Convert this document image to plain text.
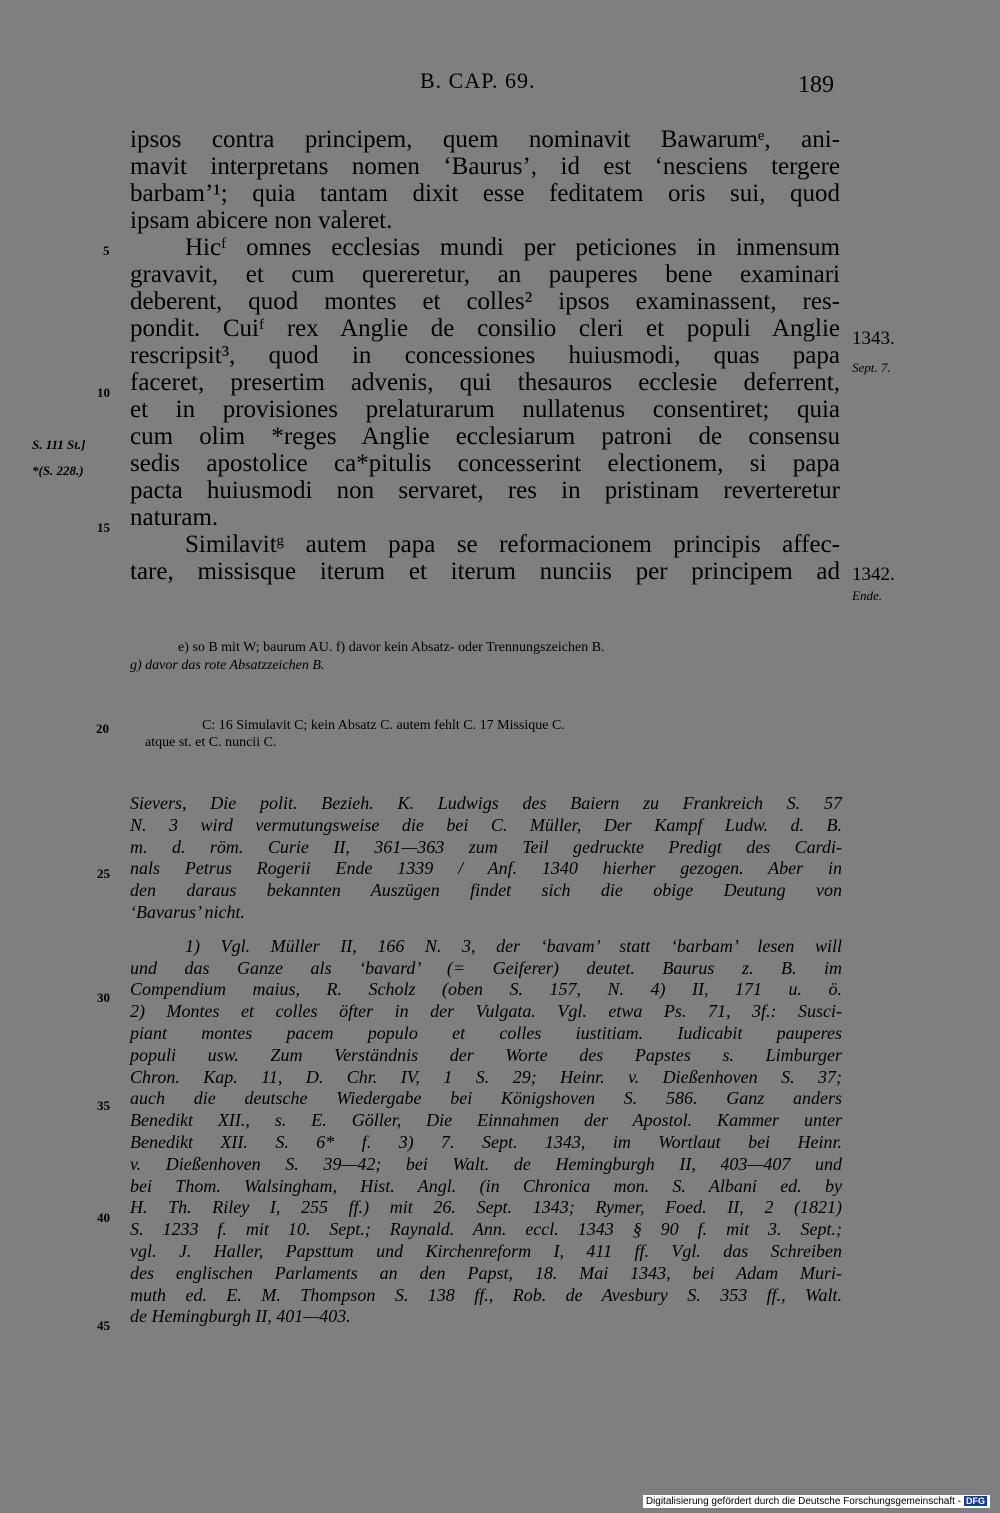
B. CAP. 69.	189
ipsos contra principem, quem nominavit Bawarumᵉ, ani-
mavit interpretans nomen ‘Baurus’, id est ‘nesciens tergere
barbam’¹; quia tantam dixit esse feditatem oris sui, quod
ipsam abicere non valeret.
Hicᶠ omnes ecclesias mundi per peticiones in inmensum
gravavit, et cum quereretur, an pauperes bene examinari
deberent, quod montes et colles² ipsos examinassent, res-
pondit. Cuiᶠ rex Anglie de consilio cleri et populi Anglie
rescripsit³, quod in concessiones huiusmodi, quas papa
faceret, presertim advenis, qui thesauros ecclesie deferrent,
et in provisiones prelaturarum nullatenus consentiret; quia
cum olim *reges Anglie ecclesiarum patroni de consensu
sedis apostolice ca*pitulis concesserint electionem, si papa
pacta huiusmodi non servaret, res in pristinam reverteretur
naturam.
Similavitᵍ autem papa se reformacionem principis affec-
tare, missisque iterum et iterum nunciis per principem ad
5
10
15
S. 111 St.]
*(S. 228.)
1343.
Sept. 7.
1342.
Ende.
e) so B mit W; baurum AU. f) davor kein Absatz- oder Trennungszeichen B.
g) davor das rote Absatzzeichen B.
20	C: 16 Simulavit C; kein Absatz C. autem fehlt C. 17 Missique C.
atque st. et C. nuncii C.
Sievers, Die polit. Bezieh. K. Ludwigs des Baiern zu Frankreich S. 57
N. 3 wird vermutungsweise die bei C. Müller, Der Kampf Ludw. d. B.
m. d. röm. Curie II, 361—363 zum Teil gedruckte Predigt des Cardi-
nals Petrus Rogerii Ende 1339 / Anf. 1340 hierher gezogen. Aber in
den daraus bekannten Auszügen findet sich die obige Deutung von
‘Bavarus’ nicht.
1) Vgl. Müller II, 166 N. 3, der ‘bavam’ statt ‘barbam’ lesen will
und das Ganze als ‘bavard’ (= Geiferer) deutet. Baurus z. B. im
Compendium maius, R. Scholz (oben S. 157, N. 4) II, 171 u. ö.
2) Montes et colles öfter in der Vulgata. Vgl. etwa Ps. 71, 3f.: Susci-
piant montes pacem populo et colles iustitiam. Iudicabit pauperes
populi usw. Zum Verständnis der Worte des Papstes s. Limburger
Chron. Kap. 11, D. Chr. IV, 1 S. 29; Heinr. v. Dießenhoven S. 37;
auch die deutsche Wiedergabe bei Königshoven S. 586. Ganz anders
Benedikt XII., s. E. Göller, Die Einnahmen der Apostol. Kammer unter
Benedikt XII. S. 6* f. 3) 7. Sept. 1343, im Wortlaut bei Heinr.
v. Dießenhoven S. 39—42; bei Walt. de Hemingburgh II, 403—407 und
bei Thom. Walsingham, Hist. Angl. (in Chronica mon. S. Albani ed. by
H. Th. Riley I, 255 ff.) mit 26. Sept. 1343; Rymer, Foed. II, 2 (1821)
S. 1233 f. mit 10. Sept.; Raynald. Ann. eccl. 1343 § 90 f. mit 3. Sept.;
vgl. J. Haller, Papsttum und Kirchenreform I, 411 ff. Vgl. das Schreiben
des englischen Parlaments an den Papst, 18. Mai 1343, bei Adam Muri-
muth ed. E. M. Thompson S. 138 ff., Rob. de Avesbury S. 353 ff., Walt.
de Hemingburgh II, 401—403.
25
30
35
40
45
Digitalisierung gefördert durch die Deutsche Forschungsgemeinschaft - DFG
